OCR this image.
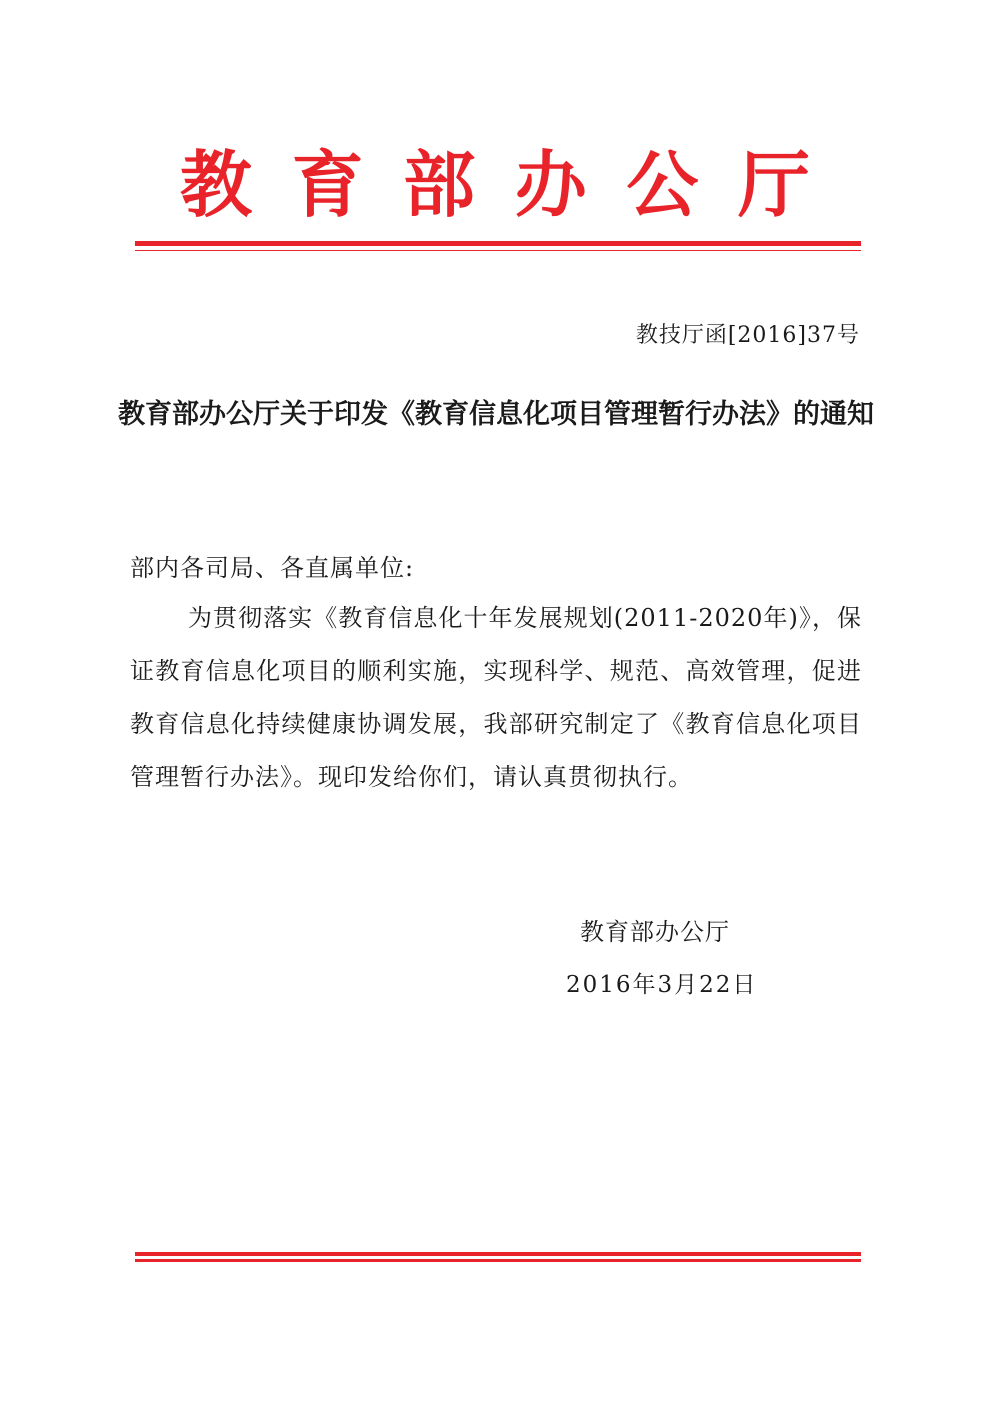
教 育 部 办 公 厅
教技厅函[2016]37号
教育部办公厅关于印发《教育信息化项目管理暂行办法》的通知
部内各司局、各直属单位:

为贯彻落实《教育信息化十年发展规划(2011-2020年)》，保证教育信息化项目的顺利实施，实现科学、规范、高效管理，促进教育信息化持续健康协调发展，我部研究制定了《教育信息化项目管理暂行办法》。现印发给你们，请认真贯彻执行。

教育部办公厅
2016年3月22日
